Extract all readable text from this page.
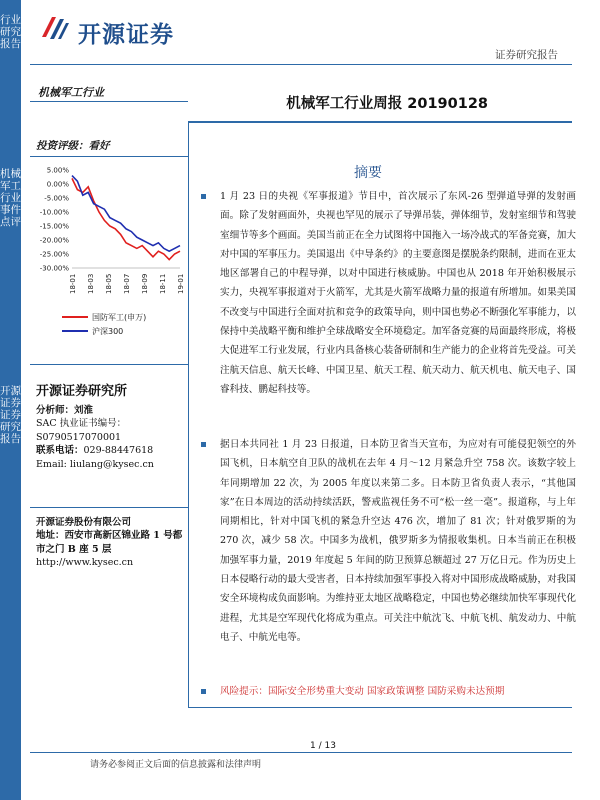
行业研究报告
机械军工行业事件点评
开源证券证券研究报告
开源证券
证券研究报告
机械军工行业
机械军工行业周报 20190128
投资评级：看好
5.00%
0.00%
-5.00%
-10.00%
-15.00%
-20.00%
-25.00%
-30.00%
18-01 18-03 18-05 18-07 18-09 18-11 19-01
国防军工(申万)
沪深300
开源证券研究所
分析师：刘淮
SAC 执业证书编号：
S0790517070001
联系电话：029-88447618
Email: liulang@kysec.cn
开源证券股份有限公司
地址：西安市高新区锦业路 1 号都市之门 B 座 5 层
http://www.kysec.cn
摘要
1 月 23 日的央视《军事报道》节目中，首次展示了东风-26 型弹道导弹的发射画面。除了发射画面外，央视也罕见的展示了导弹吊装，弹体细节，发射室细节和驾驶室细节等多个画面。美国当前正在全力试图将中国拖入一场冷战式的军备竞赛，加大对中国的军事压力。美国退出《中导条约》的主要意图是摆脱条约限制，进而在亚太地区部署自己的中程导弹，以对中国进行核威胁。中国也从 2018 年开始积极展示实力，央视军事报道对于火箭军，尤其是火箭军战略力量的报道有所增加。如果美国不改变与中国进行全面对抗和竞争的政策导向，则中国也势必不断强化军事能力，以保持中美战略平衡和维护全球战略安全环境稳定。加军备竞赛的局面最终形成，将极大促进军工行业发展，行业内具备核心装备研制和生产能力的企业将首先受益。可关注航天信息、航天长峰、中国卫星、航天工程、航天动力、航天机电、航天电子、国睿科技、鹏起科技等。
据日本共同社 1 月 23 日报道，日本防卫省当天宣布，为应对有可能侵犯领空的外国飞机，日本航空自卫队的战机在去年 4 月～12 月紧急升空 758 次。该数字较上年同期增加 22 次，为 2005 年度以来第二多。日本防卫省负责人表示，“其他国家”在日本周边的活动持续活跃，警戒监视任务不可“松一丝一毫”。报道称，与上年同期相比，针对中国飞机的紧急升空达 476 次，增加了 81 次；针对俄罗斯的为 270 次，减少 58 次。中国多为战机，俄罗斯多为情报收集机。日本当前正在积极加强军事力量，2019 年度起 5 年间的防卫预算总额超过 27 万亿日元。作为历史上日本侵略行动的最大受害者，日本持续加强军事投入将对中国形成战略威胁，对我国安全环境构成负面影响。为维持亚太地区战略稳定，中国也势必继续加快军事现代化进程，尤其是空军现代化将成为重点。可关注中航沈飞、中航飞机、航发动力、中航电子、中航光电等。
风险提示：国际安全形势重大变动 国家政策调整 国防采购未达预期
1 / 13
请务必参阅正文后面的信息披露和法律声明
